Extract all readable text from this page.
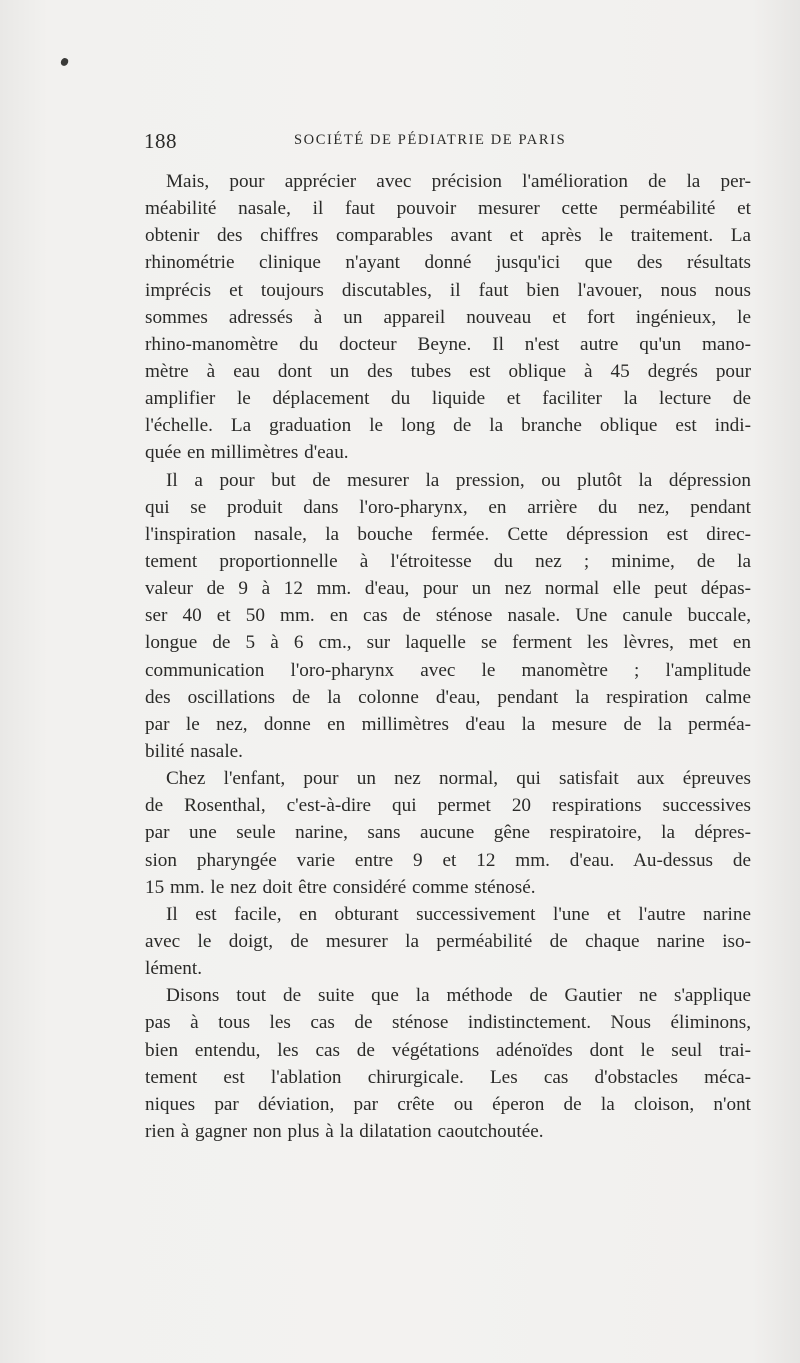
188	SOCIÉTÉ DE PÉDIATRIE DE PARIS
Mais, pour apprécier avec précision l'amélioration de la per-
méabilité nasale, il faut pouvoir mesurer cette perméabilité et
obtenir des chiffres comparables avant et après le traitement. La
rhinométrie clinique n'ayant donné jusqu'ici que des résultats
imprécis et toujours discutables, il faut bien l'avouer, nous nous
sommes adressés à un appareil nouveau et fort ingénieux, le
rhino-manomètre du docteur Beyne. Il n'est autre qu'un mano-
mètre à eau dont un des tubes est oblique à 45 degrés pour
amplifier le déplacement du liquide et faciliter la lecture de
l'échelle. La graduation le long de la branche oblique est indi-
quée en millimètres d'eau.
Il a pour but de mesurer la pression, ou plutôt la dépression
qui se produit dans l'oro-pharynx, en arrière du nez, pendant
l'inspiration nasale, la bouche fermée. Cette dépression est direc-
tement proportionnelle à l'étroitesse du nez ; minime, de la
valeur de 9 à 12 mm. d'eau, pour un nez normal elle peut dépas-
ser 40 et 50 mm. en cas de sténose nasale. Une canule buccale,
longue de 5 à 6 cm., sur laquelle se ferment les lèvres, met en
communication l'oro-pharynx avec le manomètre ; l'amplitude
des oscillations de la colonne d'eau, pendant la respiration calme
par le nez, donne en millimètres d'eau la mesure de la perméa-
bilité nasale.
Chez l'enfant, pour un nez normal, qui satisfait aux épreuves
de Rosenthal, c'est-à-dire qui permet 20 respirations successives
par une seule narine, sans aucune gêne respiratoire, la dépres-
sion pharyngée varie entre 9 et 12 mm. d'eau. Au-dessus de
15 mm. le nez doit être considéré comme sténosé.
Il est facile, en obturant successivement l'une et l'autre narine
avec le doigt, de mesurer la perméabilité de chaque narine iso-
lément.
Disons tout de suite que la méthode de Gautier ne s'applique
pas à tous les cas de sténose indistinctement. Nous éliminons,
bien entendu, les cas de végétations adénoïdes dont le seul trai-
tement est l'ablation chirurgicale. Les cas d'obstacles méca-
niques par déviation, par crête ou éperon de la cloison, n'ont
rien à gagner non plus à la dilatation caoutchoutée.
